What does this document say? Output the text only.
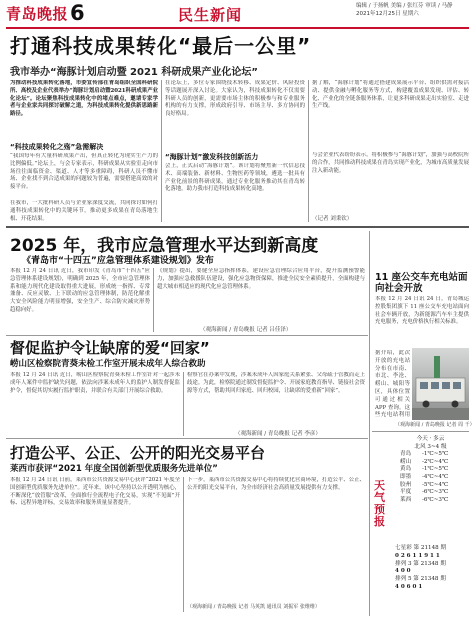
青岛晚报 6	民生新闻	编辑 / 于扬帆 美编 / 张红芬 审读 / 马静
2021年12月25日 星期六
打通科技成果转化“最后一公里”
我市举办“海豚计划启动暨 2021 科研成果产业化论坛”
为推动科技成果转化落地，市委宣传部在青岛组织全国科研院所、高校及企业代表举办“海豚计划启动暨2021科研成果产业化论坛”。论坛聚焦科技成果转化中的堵点难点，邀请专家学者与企业家共同探讨破解之道，为科技成果转化提供新思路新路径。
“科技成果转化之殇”急需解决
“我国每年有大量科研成果产出，但真正转化为现实生产力的比例偏低。”论坛上，与会专家表示，科研成果从实验室走向市场往往面临资金、渠道、人才等多重障碍，科研人员不懂市场、企业找不到合适成果的问题较为普遍，需要搭建高效的对接平台。
在我市，一大批科研人员与企业家深度交流，共同探讨如何打通科技成果转化中的关键环节，推动更多成果在青岛落地生根、开花结果。
在论坛上，多位专家围绕技术转移、成果定价、风险投资等话题展开深入讨论。大家认为，科技成果转化不仅需要科研人员的创新，更需要市场主体的积极参与和专业服务机构的有力支撑，形成政府引导、市场主导、多方协同的良好格局。
“海豚计划”激发科技创新活力
会上，正式启动“海豚计划”。该计划将聚焦新一代信息技术、高端装备、新材料、生物医药等领域，遴选一批具有产业化前景的科研成果，通过专业化服务推动其在青岛转化落地，助力我市打造科技成果转化高地。
据了解，“海豚计划”将通过搭建成果展示平台、组织供需对接活动、提供金融与孵化服务等方式，构建覆盖成果发现、评估、转化、产业化的全链条服务体系，让更多科研成果走出实验室、走进生产线。
与会企业代表纷纷表示，将积极参与“海豚计划”，加强与高校院所的合作，共同推动科技成果在青岛实现产业化，为城市高质量发展注入新动能。
（记者 刘秉钦）
2025 年，我市应急管理水平达到新高度
《青岛市“十四五”应急管理体系建设规划》发布
本报 12 月 24 日讯 近日，我市印发《青岛市“十四五”应急管理体系建设规划》，明确到 2025 年，全市应急管理体系和能力现代化建设取得重大进展，形成统一指挥、专常兼备、反应灵敏、上下联动的应急管理体制，防范化解重大安全风险能力明显增强，安全生产、综合防灾减灾形势趋稳向好。
《规划》提出，要健全应急指挥体系，建设应急管理综合应用平台，提升监测预警能力，加强应急救援队伍建设，强化应急物资保障，推进全民安全素质提升，全面构建与超大城市相适应的现代化应急管理体系。
（观海新闻 / 青岛晚报 记者 吕佳泽）
督促监护令让缺席的爱“回家”
崂山区检察院青葵未检工作室开展未成年人综合救助
本报 12 月 24 日讯 近日，崂山区检察院青葵未检工作室针对一起涉未成年人案件中监护缺失问题，依法向涉案未成年人的监护人制发督促监护令，督促其切实履行监护职责，并联合有关部门开展综合救助。
检察官在办案中发现，涉案未成年人因家庭关系紧张、父母疏于管教而走上歧途。为此，检察院通过制发督促监护令、开展家庭教育指导、链接社会资源等方式，帮助其回归家庭、回归校园，让缺席的爱重新“回家”。
（观海新闻 / 青岛晚报 记者 李彦）
打造公平、公正、公开的阳光交易平台
莱西市获评“2021 年度全国创新型优质服务先进单位”
本报 12 月 24 日讯 日前，莱西市公共资源交易中心获评“2021 年度全国创新型优质服务先进单位”。近年来，该中心坚持以公开透明为核心，不断深化“放管服”改革，全面推行全流程电子化交易，实现“不见面”开标、远程异地评标，交易效率和服务质量显著提升。
下一步，莱西市公共资源交易中心将持续优化营商环境，打造公平、公正、公开的阳光交易平台，为全市经济社会高质量发展提供有力支撑。
（观海新闻 / 青岛晚报 记者 马英凯 通讯员 刘振军 张维维）
11 座公交车充电站面向社会开放
本报 12 月 24 日讯 24 日，青岛城运控股集团旗下 11 座公交车充电站面向社会车辆开放，为新能源汽车车主提供充电服务，充电价格执行相关标准。
据介绍，此次开放的充电站分布在市南、市北、李沧、崂山、城阳等区，具体位置可通过相关 APP 查询。这些充电站利用
（观海新闻 / 青岛晚报 记者 周 千）
天气预报
今天 · 多云
北风 3~4 级
青岛 -1℃~5℃
崂山 -2℃~4℃
黄岛 -1℃~5℃
即墨 -4℃~4℃
胶州 -5℃~4℃
平度 -6℃~3℃
莱西 -6℃~3℃
七星彩 第 21148 期
0 2 6 1 1 9 1 1
排列 3 第 21348 期
4 0 0
排列 5 第 21348 期
4 0 6 0 1
